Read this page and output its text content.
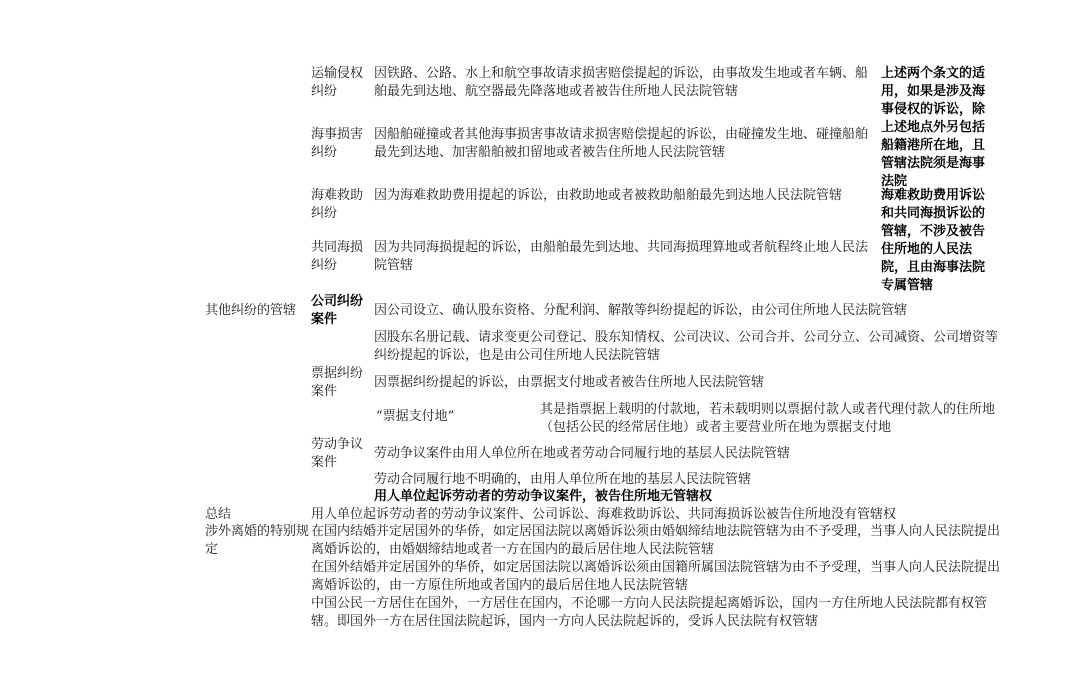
运输侵权纠纷
因铁路、公路、水上和航空事故请求损害赔偿提起的诉讼，由事故发生地或者车辆、船舶最先到达地、航空器最先降落地或者被告住所地人民法院管辖
海事损害纠纷
因船舶碰撞或者其他海事损害事故请求损害赔偿提起的诉讼，由碰撞发生地、碰撞船舶最先到达地、加害船舶被扣留地或者被告住所地人民法院管辖
海难救助纠纷
因为海难救助费用提起的诉讼，由救助地或者被救助船舶最先到达地人民法院管辖
共同海损纠纷
因为共同海损提起的诉讼，由船舶最先到达地、共同海损理算地或者航程终止地人民法院管辖
上述两个条文的适用，如果是涉及海事侵权的诉讼，除上述地点外另包括船籍港所在地，且管辖法院须是海事法院
海难救助费用诉讼和共同海损诉讼的管辖，不涉及被告住所地的人民法院，且由海事法院专属管辖
其他纠纷的管辖
公司纠纷案件
因公司设立、确认股东资格、分配利润、解散等纠纷提起的诉讼，由公司住所地人民法院管辖
因股东名册记载、请求变更公司登记、股东知情权、公司决议、公司合并、公司分立、公司减资、公司增资等纠纷提起的诉讼，也是由公司住所地人民法院管辖
票据纠纷案件
因票据纠纷提起的诉讼，由票据支付地或者被告住所地人民法院管辖
“票据支付地”	其是指票据上载明的付款地，若未载明则以票据付款人或者代理付款人的住所地（包括公民的经常居住地）或者主要营业所在地为票据支付地
劳动争议案件
劳动争议案件由用人单位所在地或者劳动合同履行地的基层人民法院管辖
劳动合同履行地不明确的，由用人单位所在地的基层人民法院管辖
用人单位起诉劳动者的劳动争议案件，被告住所地无管辖权
总结	用人单位起诉劳动者的劳动争议案件、公司诉讼、海难救助诉讼、共同海损诉讼被告住所地没有管辖权
涉外离婚的特别规定
在国内结婚并定居国外的华侨，如定居国法院以离婚诉讼须由婚姻缔结地法院管辖为由不予受理，当事人向人民法院提出离婚诉讼的，由婚姻缔结地或者一方在国内的最后居住地人民法院管辖
在国外结婚并定居国外的华侨，如定居国法院以离婚诉讼须由国籍所属国法院管辖为由不予受理，当事人向人民法院提出离婚诉讼的，由一方原住所地或者国内的最后居住地人民法院管辖
中国公民一方居住在国外，一方居住在国内，不论哪一方向人民法院提起离婚诉讼，国内一方住所地人民法院都有权管辖。即国外一方在居住国法院起诉，国内一方向人民法院起诉的，受诉人民法院有权管辖
